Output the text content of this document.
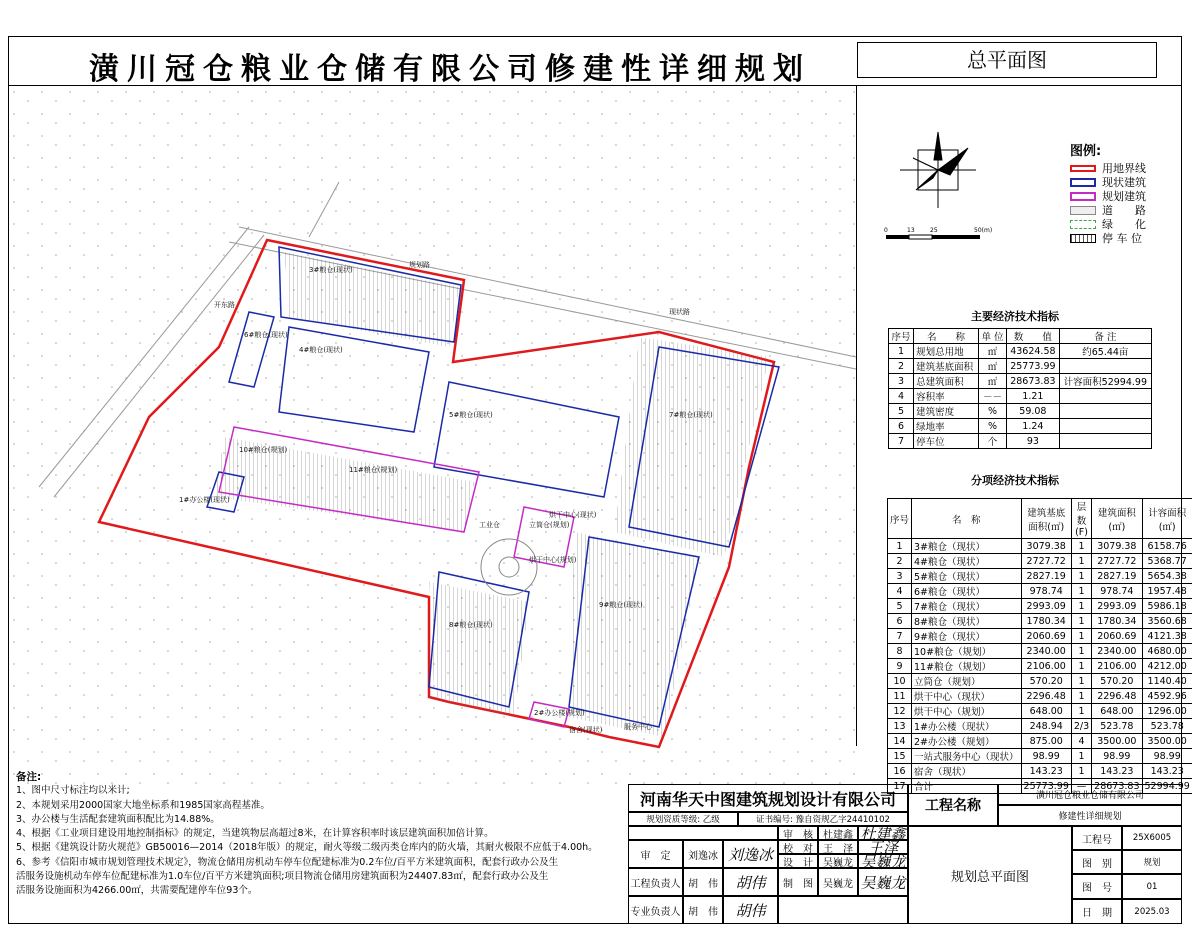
潢川冠仓粮业仓储有限公司修建性详细规划	总平面图
3#粮仓(现状)
4#粮仓(现状)
5#粮仓(现状)
6#粮仓(现状)
7#粮仓(现状)
8#粮仓(现状)
9#粮仓(现状)
10#粮仓(规划)
11#粮仓(规划)
立筒仓(规划)
烘干中心(现状)
烘干中心(规划)
1#办公楼(现状)
2#办公楼(规划)
宿舍(现状)
规划路
现状路
开东路
服务中心
工业仓
0	13	25	50(m)
图例:
用地界线
现状建筑
规划建筑
道　　路
绿　　化
停 车 位
主要经济技术指标
序号	名　　称	单 位	数　　值	备 注
1	规划总用地	㎡	43624.58	约65.44亩
2	建筑基底面积	㎡	25773.99	
3	总建筑面积	㎡	28673.83	计容面积52994.99
4	容积率	－－	1.21	
5	建筑密度	%	59.08	
6	绿地率	%	1.24	
7	停车位	个	93	
分项经济技术指标
序号	名　称	建筑基底面积(㎡)	层数(F)	建筑面积(㎡)	计容面积(㎡)
1	3#粮仓（现状）	3079.38	1	3079.38	6158.76
2	4#粮仓（现状）	2727.72	1	2727.72	5368.77
3	5#粮仓（现状）	2827.19	1	2827.19	5654.38
4	6#粮仓（现状）	978.74	1	978.74	1957.48
5	7#粮仓（现状）	2993.09	1	2993.09	5986.18
6	8#粮仓（现状）	1780.34	1	1780.34	3560.68
7	9#粮仓（现状）	2060.69	1	2060.69	4121.38
8	10#粮仓（规划）	2340.00	1	2340.00	4680.00
9	11#粮仓（规划）	2106.00	1	2106.00	4212.00
10	立筒仓（规划）	570.20	1	570.20	1140.40
11	烘干中心（现状）	2296.48	1	2296.48	4592.96
12	烘干中心（规划）	648.00	1	648.00	1296.00
13	1#办公楼（现状）	248.94	2/3	523.78	523.78
14	2#办公楼（规划）	875.00	4	3500.00	3500.00
15	一站式服务中心（现状）	98.99	1	98.99	98.99
16	宿舍（现状）	143.23	1	143.23	143.23
17	合计	25773.99	—	28673.83	52994.99
备注:
1、图中尺寸标注均以米计;
2、本规划采用2000国家大地坐标系和1985国家高程基准。
3、办公楼与生活配套建筑面积配比为14.88%。
4、根据《工业项目建设用地控制指标》的规定，当建筑物层高超过8米，在计算容积率时该层建筑面积加倍计算。
5、根据《建筑设计防火规范》GB50016—2014（2018年版）的规定，耐火等级二级丙类仓库内的防火墙，其耐火极限不应低于4.00h。
6、参考《信阳市城市规划管理技术规定》，物流仓储用房机动车停车位配建标准为0.2车位/百平方米建筑面积，配套行政办公及生
活服务设施机动车停车位配建标准为1.0车位/百平方米建筑面积;项目物流仓储用房建筑面积为24407.83㎡，配套行政办公及生
活服务设施面积为4266.00㎡，共需要配建停车位93个。
河南华天中图建筑规划设计有限公司
规划资质等级: 乙级	证书编号: 豫自资规乙字24410102
审　核	杜建鑫 杜建鑫
审　定	刘逸冰 刘逸冰	校　对	王　泽 王泽
设　计	吴巍龙 吴巍龙
工程负责人 胡　伟	胡伟	制　图	吴巍龙 吴巍龙
专业负责人 胡　伟	胡伟
工程名称
潢川冠仓粮业仓储有限公司
修建性详细规划
规划总平面图
工程号	25X6005
图　别	规划
图　号	01
日　期	2025.03
